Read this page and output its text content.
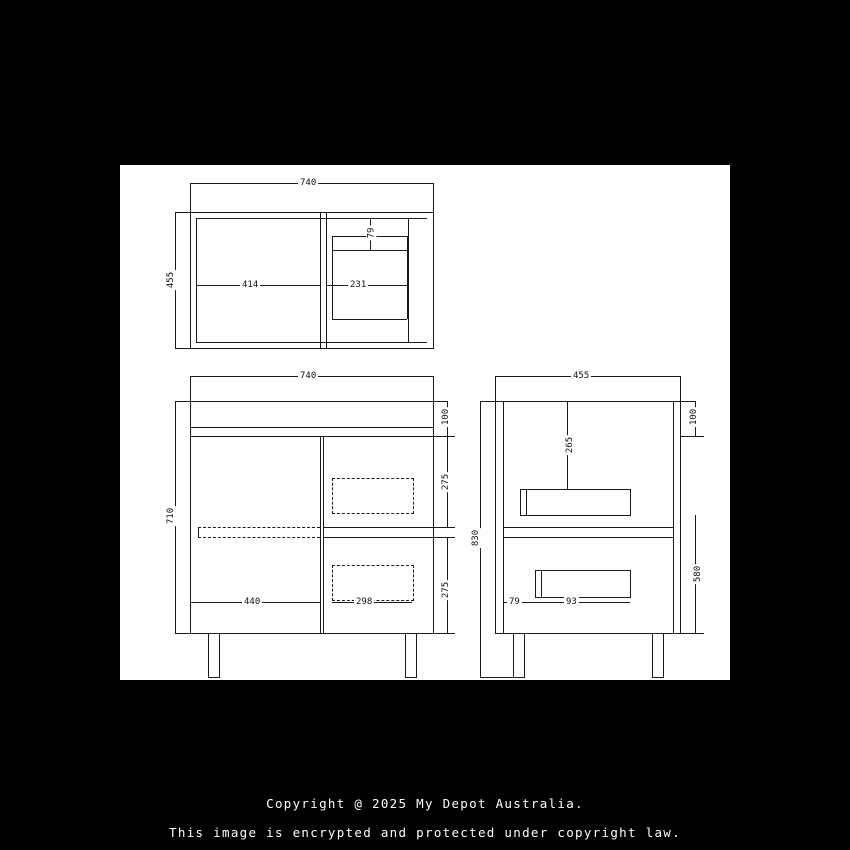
740
455	414	231
79
740
710
100
275
275
440	298
455
830
100
265
580
79	93
Copyright @ 2025 My Depot Australia.
This image is encrypted and protected under copyright law.
